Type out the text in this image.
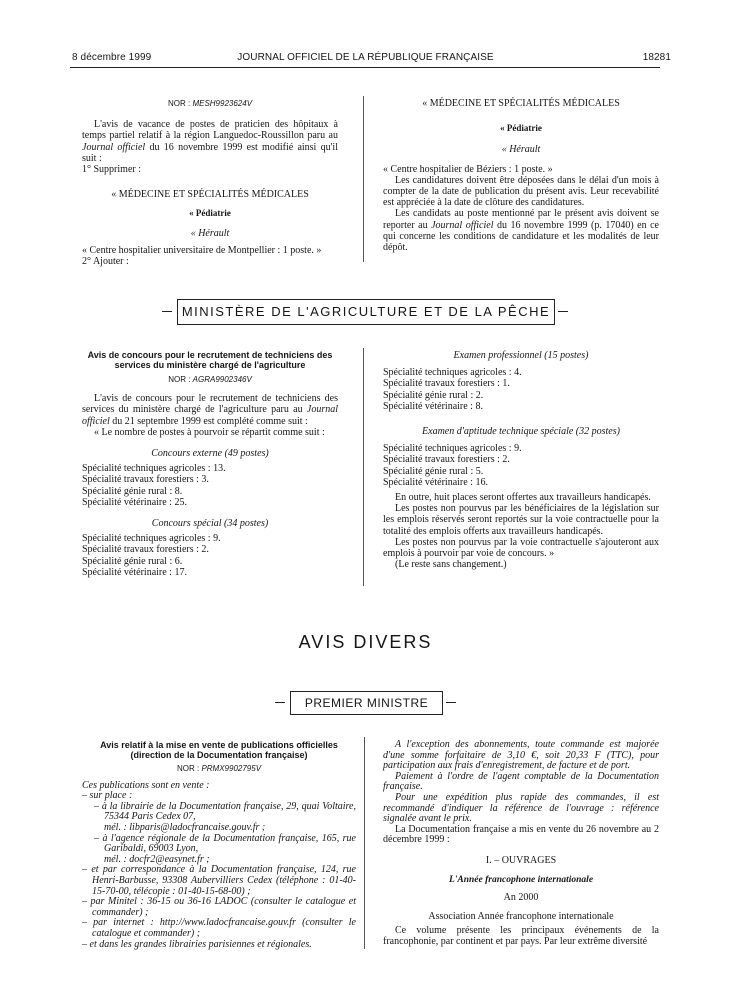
JOURNAL OFFICIEL DE LA RÉPUBLIQUE FRANÇAISE
8 décembre 1999	18281

NOR : MESH9923624V

L'avis de vacance de postes de praticien des hôpitaux à temps partiel relatif à la région Languedoc-Roussillon paru au Journal officiel du 16 novembre 1999 est modifié ainsi qu'il suit :

1° Supprimer :

« MÉDECINE ET SPÉCIALITÉS MÉDICALES

« Pédiatrie

« Hérault

« Centre hospitalier universitaire de Montpellier : 1 poste. »

2° Ajouter :

« MÉDECINE ET SPÉCIALITÉS MÉDICALES

« Pédiatrie

« Hérault

« Centre hospitalier de Béziers : 1 poste. »

Les candidatures doivent être déposées dans le délai d'un mois à compter de la date de publication du présent avis. Leur recevabilité est appréciée à la date de clôture des candidatures.

Les candidats au poste mentionné par le présent avis doivent se reporter au Journal officiel du 16 novembre 1999 (p. 17040) en ce qui concerne les conditions de candidature et les modalités de leur dépôt.

MINISTÈRE DE L'AGRICULTURE ET DE LA PÊCHE

Avis de concours pour le recrutement de techniciens des services du ministère chargé de l'agriculture

NOR : AGRA9902346V

L'avis de concours pour le recrutement de techniciens des services du ministère chargé de l'agriculture paru au Journal officiel du 21 septembre 1999 est complété comme suit :

« Le nombre de postes à pourvoir se répartit comme suit :

Concours externe (49 postes)

Spécialité techniques agricoles : 13.

Spécialité travaux forestiers : 3.

Spécialité génie rural : 8.

Spécialité vétérinaire : 25.

Concours spécial (34 postes)

Spécialité techniques agricoles : 9.

Spécialité travaux forestiers : 2.

Spécialité génie rural : 6.

Spécialité vétérinaire : 17.

Examen professionnel (15 postes)

Spécialité techniques agricoles : 4.

Spécialité travaux forestiers : 1.

Spécialité génie rural : 2.

Spécialité vétérinaire : 8.

Examen d'aptitude technique spéciale (32 postes)

Spécialité techniques agricoles : 9.

Spécialité travaux forestiers : 2.

Spécialité génie rural : 5.

Spécialité vétérinaire : 16.

En outre, huit places seront offertes aux travailleurs handicapés.

Les postes non pourvus par les bénéficiaires de la législation sur les emplois réservés seront reportés sur la voie contractuelle pour la totalité des emplois offerts aux travailleurs handicapés.

Les postes non pourvus par la voie contractuelle s'ajouteront aux emplois à pourvoir par voie de concours. »

(Le reste sans changement.)

AVIS DIVERS
PREMIER MINISTRE

Avis relatif à la mise en vente de publications officielles (direction de la Documentation française)

NOR : PRMX9902795V

Ces publications sont en vente :

– sur place :

– à la librairie de la Documentation française, 29, quai Voltaire, 75344 Paris Cedex 07,

mél. : libparis@ladocfrancaise.gouv.fr ;

– à l'agence régionale de la Documentation française, 165, rue Garibaldi, 69003 Lyon,

mél. : docfr2@easynet.fr ;

– et par correspondance à la Documentation française, 124, rue Henri-Barbusse, 93308 Aubervilliers Cedex (téléphone : 01-40-15-70-00, télécopie : 01-40-15-68-00) ;

– par Minitel : 36-15 ou 36-16 LADOC (consulter le catalogue et commander) ;

– par internet : http://www.ladocfrancaise.gouv.fr (consulter le catalogue et commander) ;

– et dans les grandes librairies parisiennes et régionales.

A l'exception des abonnements, toute commande est majorée d'une somme forfaitaire de 3,10 €, soit 20,33 F (TTC), pour participation aux frais d'enregistrement, de facture et de port.

Paiement à l'ordre de l'agent comptable de la Documentation française.

Pour une expédition plus rapide des commandes, il est recommandé d'indiquer la référence de l'ouvrage : référence signalée avant le prix.

La Documentation française a mis en vente du 26 novembre au 2 décembre 1999 :

I. – OUVRAGES

L'Année francophone internationale

An 2000

Association Année francophone internationale

Ce volume présente les principaux événements de la francophonie, par continent et par pays. Par leur extrême diversité
